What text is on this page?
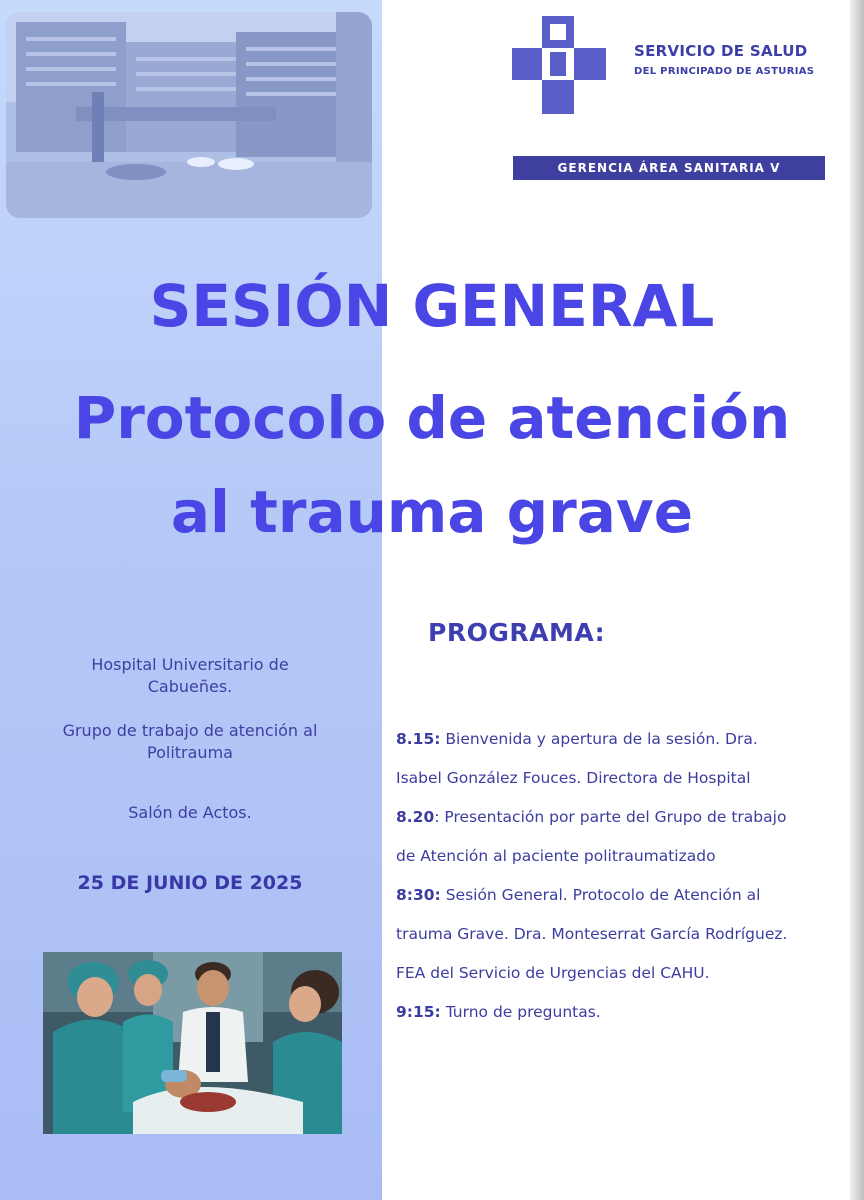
SERVICIO DE SALUD
DEL PRINCIPADO DE ASTURIAS
GERENCIA ÁREA SANITARIA V
SESIÓN GENERAL
Protocolo de atención
al trauma grave
Hospital Universitario de
Cabueñes.
Grupo de trabajo de atención al
Politrauma
Salón de Actos.
25 DE JUNIO DE 2025
PROGRAMA:
8.15: Bienvenida y apertura de la sesión. Dra.
Isabel González Fouces. Directora de Hospital
8.20: Presentación por parte del Grupo de trabajo
de Atención al paciente politraumatizado
8:30: Sesión General. Protocolo de Atención al
trauma Grave. Dra. Monteserrat García Rodríguez.
FEA del Servicio de Urgencias del CAHU.
9:15: Turno de preguntas.
